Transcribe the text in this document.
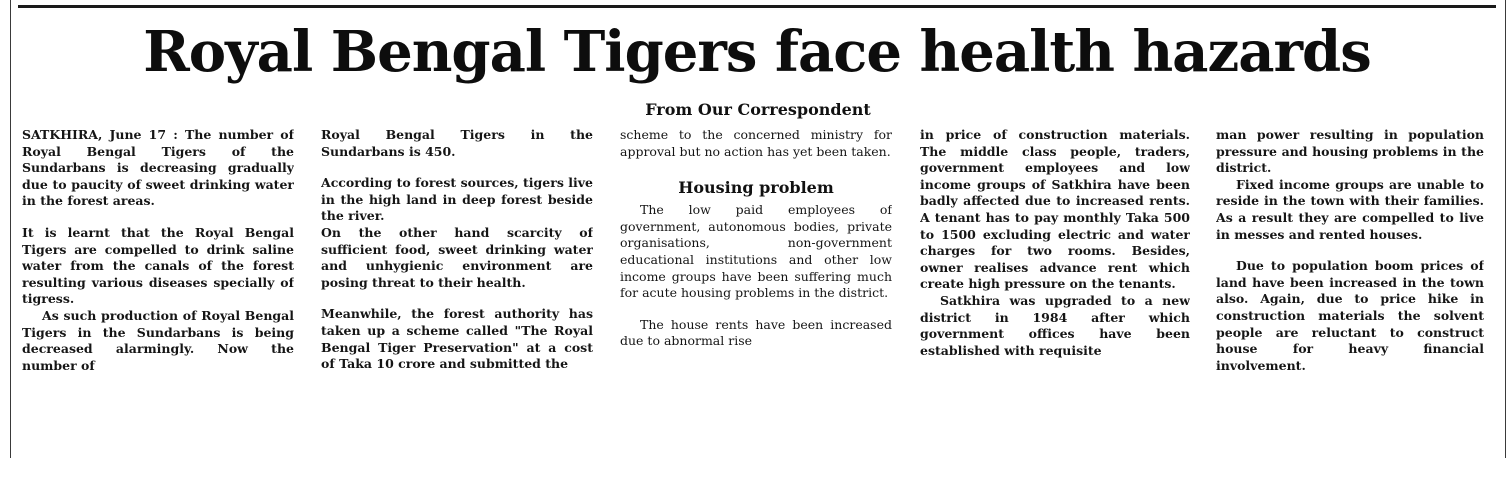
Royal Bengal Tigers face health hazards
From Our Correspondent

SATKHIRA, June 17 : The number of Royal Bengal Tigers of the Sundarbans is decreasing gradually due to paucity of sweet drinking water in the forest areas.

It is learnt that the Royal Bengal Tigers are compelled to drink saline water from the canals of the forest resulting various diseases specially of tigress.

As such production of Royal Bengal Tigers in the Sundarbans is being decreased alarmingly. Now the number of

Royal Bengal Tigers in the Sundarbans is 450.

According to forest sources, tigers live in the high land in deep forest beside the river.

On the other hand scarcity of sufficient food, sweet drinking water and unhygienic environment are posing threat to their health.

Meanwhile, the forest authority has taken up a scheme called "The Royal Bengal Tiger Preservation" at a cost of Taka 10 crore and submitted the

scheme to the concerned ministry for approval but no action has yet been taken.

Housing problem

The low paid employees of government, autonomous bodies, private organisations, non-government educational institutions and other low income groups have been suffering much for acute housing problems in the district.

The house rents have been increased due to abnormal rise

in price of construction materials. The middle class people, traders, government employees and low income groups of Satkhira have been badly affected due to increased rents. A tenant has to pay monthly Taka 500 to 1500 excluding electric and water charges for two rooms. Besides, owner realises advance rent which create high pressure on the tenants.

Satkhira was upgraded to a new district in 1984 after which government offices have been established with requisite

man power resulting in population pressure and housing problems in the district.

Fixed income groups are unable to reside in the town with their families. As a result they are compelled to live in messes and rented houses.

Due to population boom prices of land have been increased in the town also. Again, due to price hike in construction materials the solvent people are reluctant to construct house for heavy financial involvement.
